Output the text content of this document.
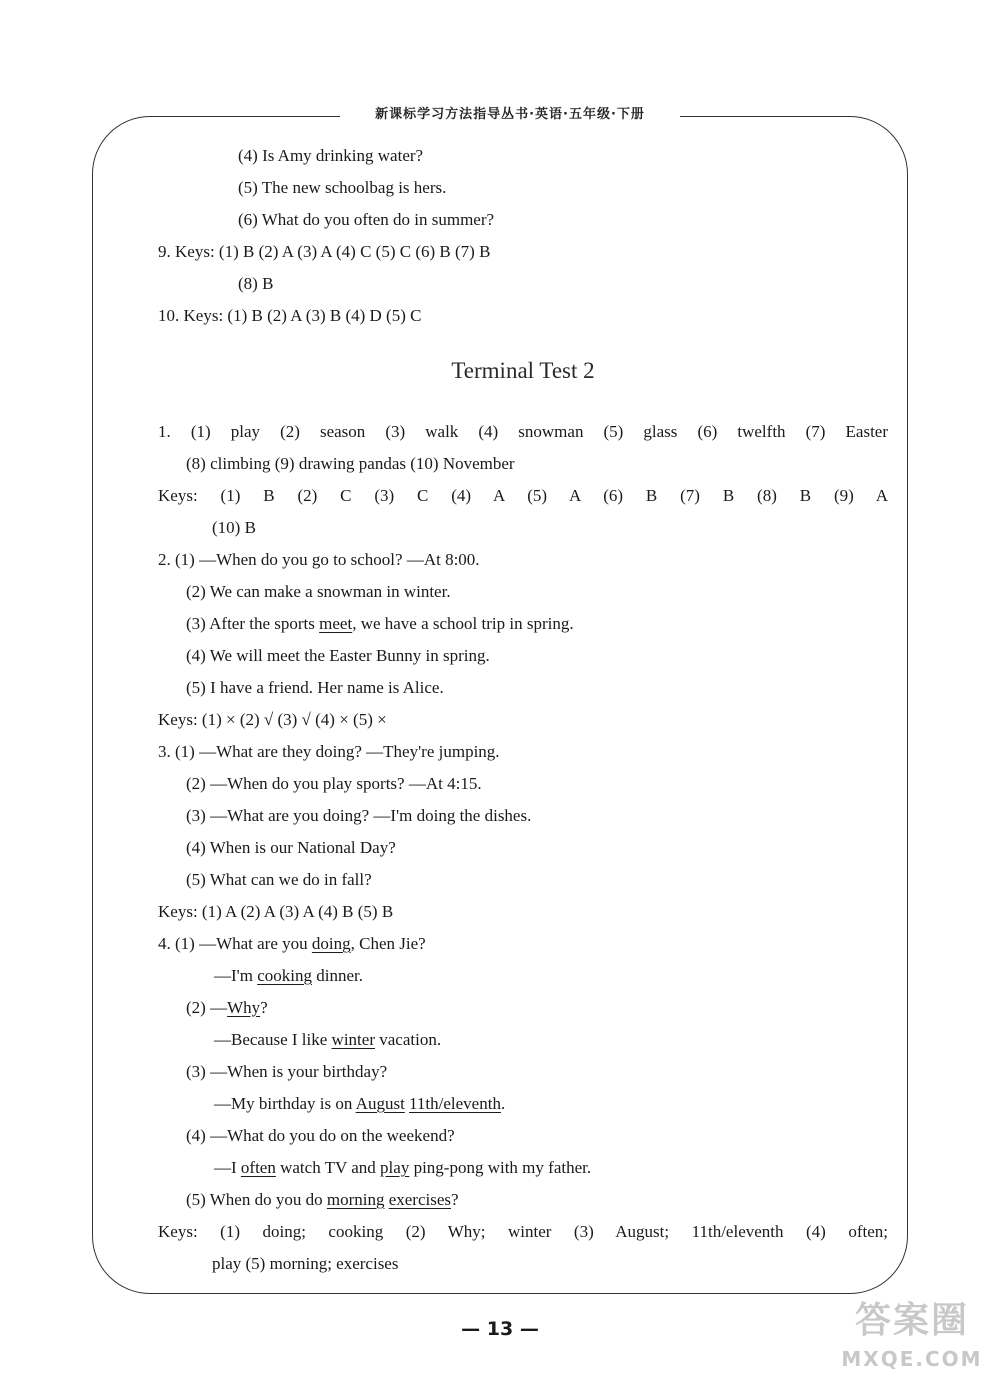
新课标学习方法指导丛书·英语·五年级·下册
(4) Is Amy drinking water?
(5) The new schoolbag is hers.
(6) What do you often do in summer?
9. Keys: (1) B (2) A (3) A (4) C (5) C (6) B (7) B
(8) B
10. Keys: (1) B (2) A (3) B (4) D (5) C
Terminal Test 2
1. (1) play (2) season (3) walk (4) snowman (5) glass (6) twelfth (7) Easter
(8) climbing (9) drawing pandas (10) November
Keys: (1) B (2) C (3) C (4) A (5) A (6) B (7) B (8) B (9) A
(10) B
2. (1) —When do you go to school? —At 8:00.
(2) We can make a snowman in winter.
(3) After the sports meet, we have a school trip in spring.
(4) We will meet the Easter Bunny in spring.
(5) I have a friend. Her name is Alice.
Keys: (1) × (2) √ (3) √ (4) × (5) ×
3. (1) —What are they doing? —They're jumping.
(2) —When do you play sports? —At 4:15.
(3) —What are you doing? —I'm doing the dishes.
(4) When is our National Day?
(5) What can we do in fall?
Keys: (1) A (2) A (3) A (4) B (5) B
4. (1) —What are you doing, Chen Jie?
—I'm cooking dinner.
(2) —Why?
—Because I like winter vacation.
(3) —When is your birthday?
—My birthday is on August 11th/eleventh.
(4) —What do you do on the weekend?
—I often watch TV and play ping-pong with my father.
(5) When do you do morning exercises?
Keys: (1) doing; cooking (2) Why; winter (3) August; 11th/eleventh (4) often;
play (5) morning; exercises
— 13 —	答案圈
MXQE.COM
